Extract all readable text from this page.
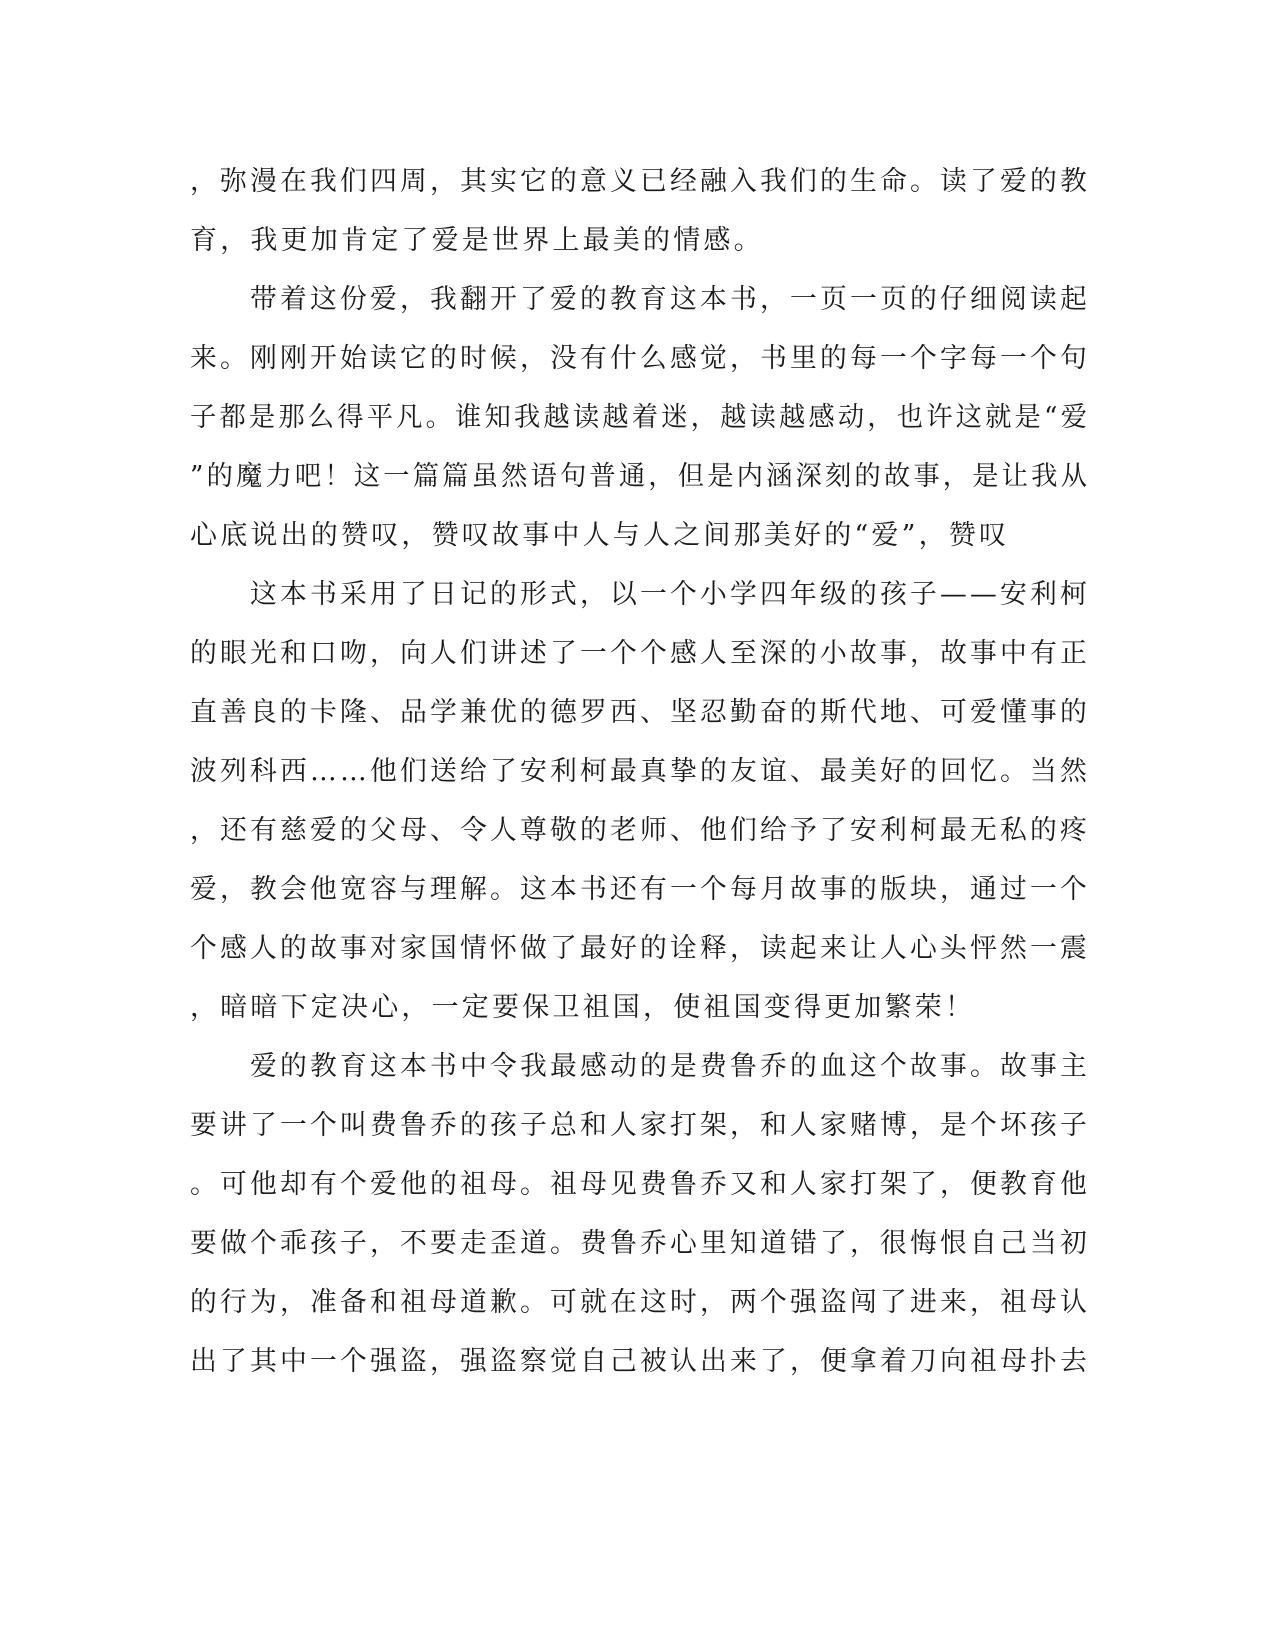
，弥漫在我们四周，其实它的意义已经融入我们的生命。读了爱的教
育，我更加肯定了爱是世界上最美的情感。
　　带着这份爱，我翻开了爱的教育这本书，一页一页的仔细阅读起
来。刚刚开始读它的时候，没有什么感觉，书里的每一个字每一个句
子都是那么得平凡。谁知我越读越着迷，越读越感动，也许这就是“爱
”的魔力吧！这一篇篇虽然语句普通，但是内涵深刻的故事，是让我从
心底说出的赞叹，赞叹故事中人与人之间那美好的“爱”，赞叹
　　这本书采用了日记的形式，以一个小学四年级的孩子——安利柯
的眼光和口吻，向人们讲述了一个个感人至深的小故事，故事中有正
直善良的卡隆、品学兼优的德罗西、坚忍勤奋的斯代地、可爱懂事的
波列科西……他们送给了安利柯最真挚的友谊、最美好的回忆。当然
，还有慈爱的父母、令人尊敬的老师、他们给予了安利柯最无私的疼
爱，教会他宽容与理解。这本书还有一个每月故事的版块，通过一个
个感人的故事对家国情怀做了最好的诠释，读起来让人心头怦然一震
，暗暗下定决心，一定要保卫祖国，使祖国变得更加繁荣！
　　爱的教育这本书中令我最感动的是费鲁乔的血这个故事。故事主
要讲了一个叫费鲁乔的孩子总和人家打架，和人家赌博，是个坏孩子
。可他却有个爱他的祖母。祖母见费鲁乔又和人家打架了，便教育他
要做个乖孩子，不要走歪道。费鲁乔心里知道错了，很悔恨自己当初
的行为，准备和祖母道歉。可就在这时，两个强盗闯了进来，祖母认
出了其中一个强盗，强盗察觉自己被认出来了，便拿着刀向祖母扑去
